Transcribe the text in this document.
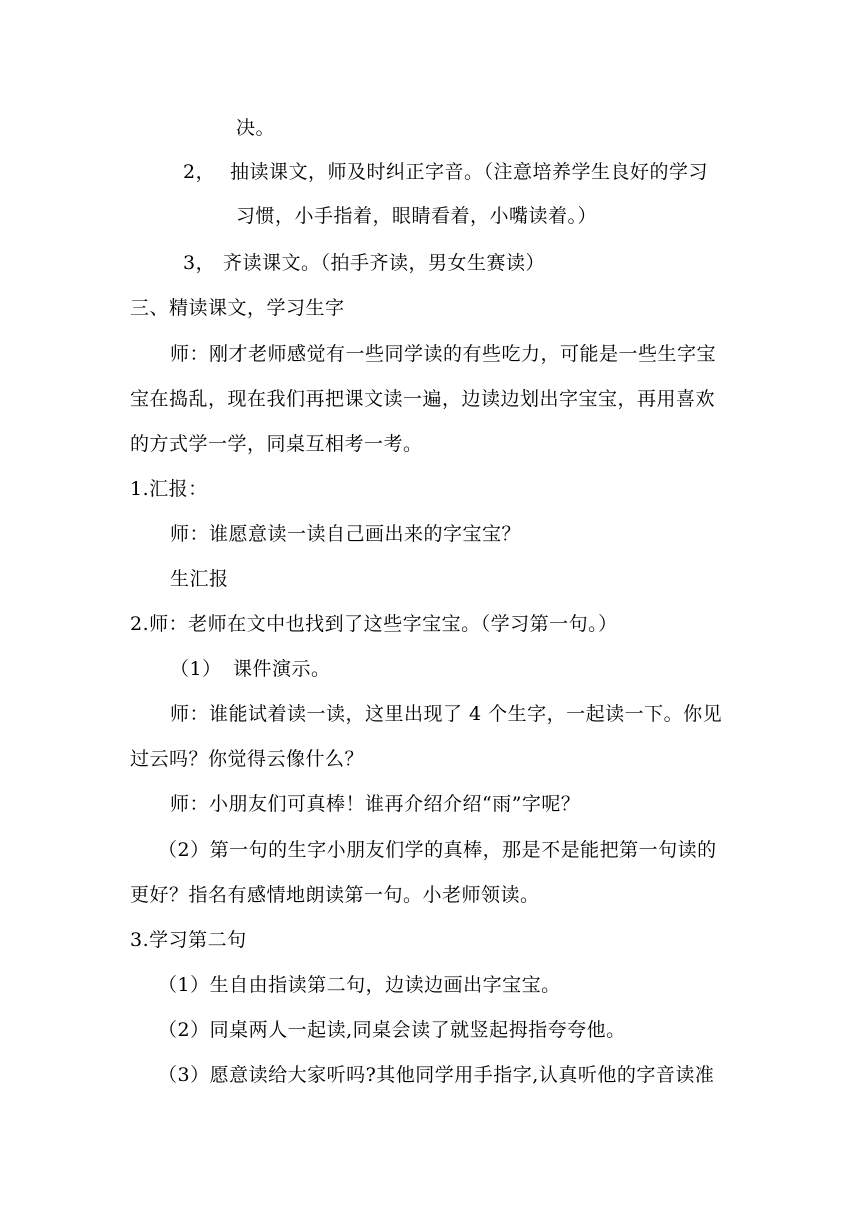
决。
2， 抽读课文，师及时纠正字音。（注意培养学生良好的学习
习惯，小手指着，眼睛看着，小嘴读着。）
3， 齐读课文。（拍手齐读，男女生赛读）
三、精读课文，学习生字
师：刚才老师感觉有一些同学读的有些吃力，可能是一些生字宝
宝在捣乱，现在我们再把课文读一遍，边读边划出字宝宝，再用喜欢
的方式学一学，同桌互相考一考。
1.汇报：
师：谁愿意读一读自己画出来的字宝宝？
生汇报
2.师：老师在文中也找到了这些字宝宝。（学习第一句。）
（1） 课件演示。
师：谁能试着读一读，这里出现了 4 个生字，一起读一下。你见
过云吗？你觉得云像什么？
师：小朋友们可真棒！谁再介绍介绍“雨”字呢？
（2）第一句的生字小朋友们学的真棒，那是不是能把第一句读的
更好？指名有感情地朗读第一句。小老师领读。
3.学习第二句
（1）生自由指读第二句，边读边画出字宝宝。
（2）同桌两人一起读,同桌会读了就竖起拇指夸夸他。
（3）愿意读给大家听吗?其他同学用手指字,认真听他的字音读准
